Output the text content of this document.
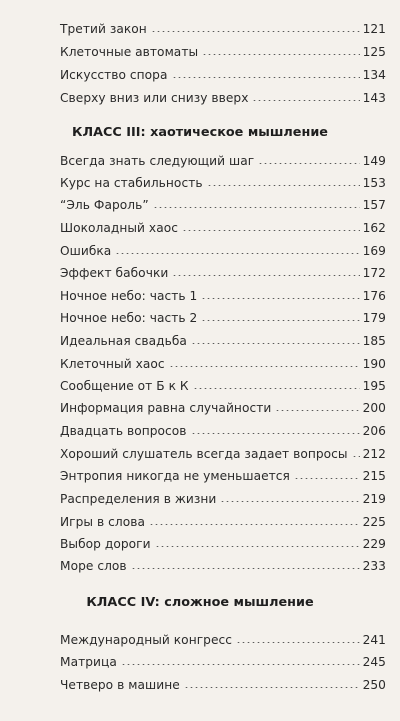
Третий закон	121
Клеточные автоматы	125
Искусство спора	134
Сверху вниз или снизу вверх	143
КЛАСС III: хаотическое мышление
Всегда знать следующий шаг	149
Курс на стабильность	153
“Эль Фароль”	157
Шоколадный хаос	162
Ошибка	169
Эффект бабочки	172
Ночное небо: часть 1	176
Ночное небо: часть 2	179
Идеальная свадьба	185
Клеточный хаос	190
Сообщение от Б к К	195
Информация равна случайности	200
Двадцать вопросов	206
Хороший слушатель всегда задает вопросы	212
Энтропия никогда не уменьшается	215
Распределения в жизни	219
Игры в слова	225
Выбор дороги	229
Море слов	233
КЛАСС IV: сложное мышление
Международный конгресс	241
Матрица	245
Четверо в машине	250
